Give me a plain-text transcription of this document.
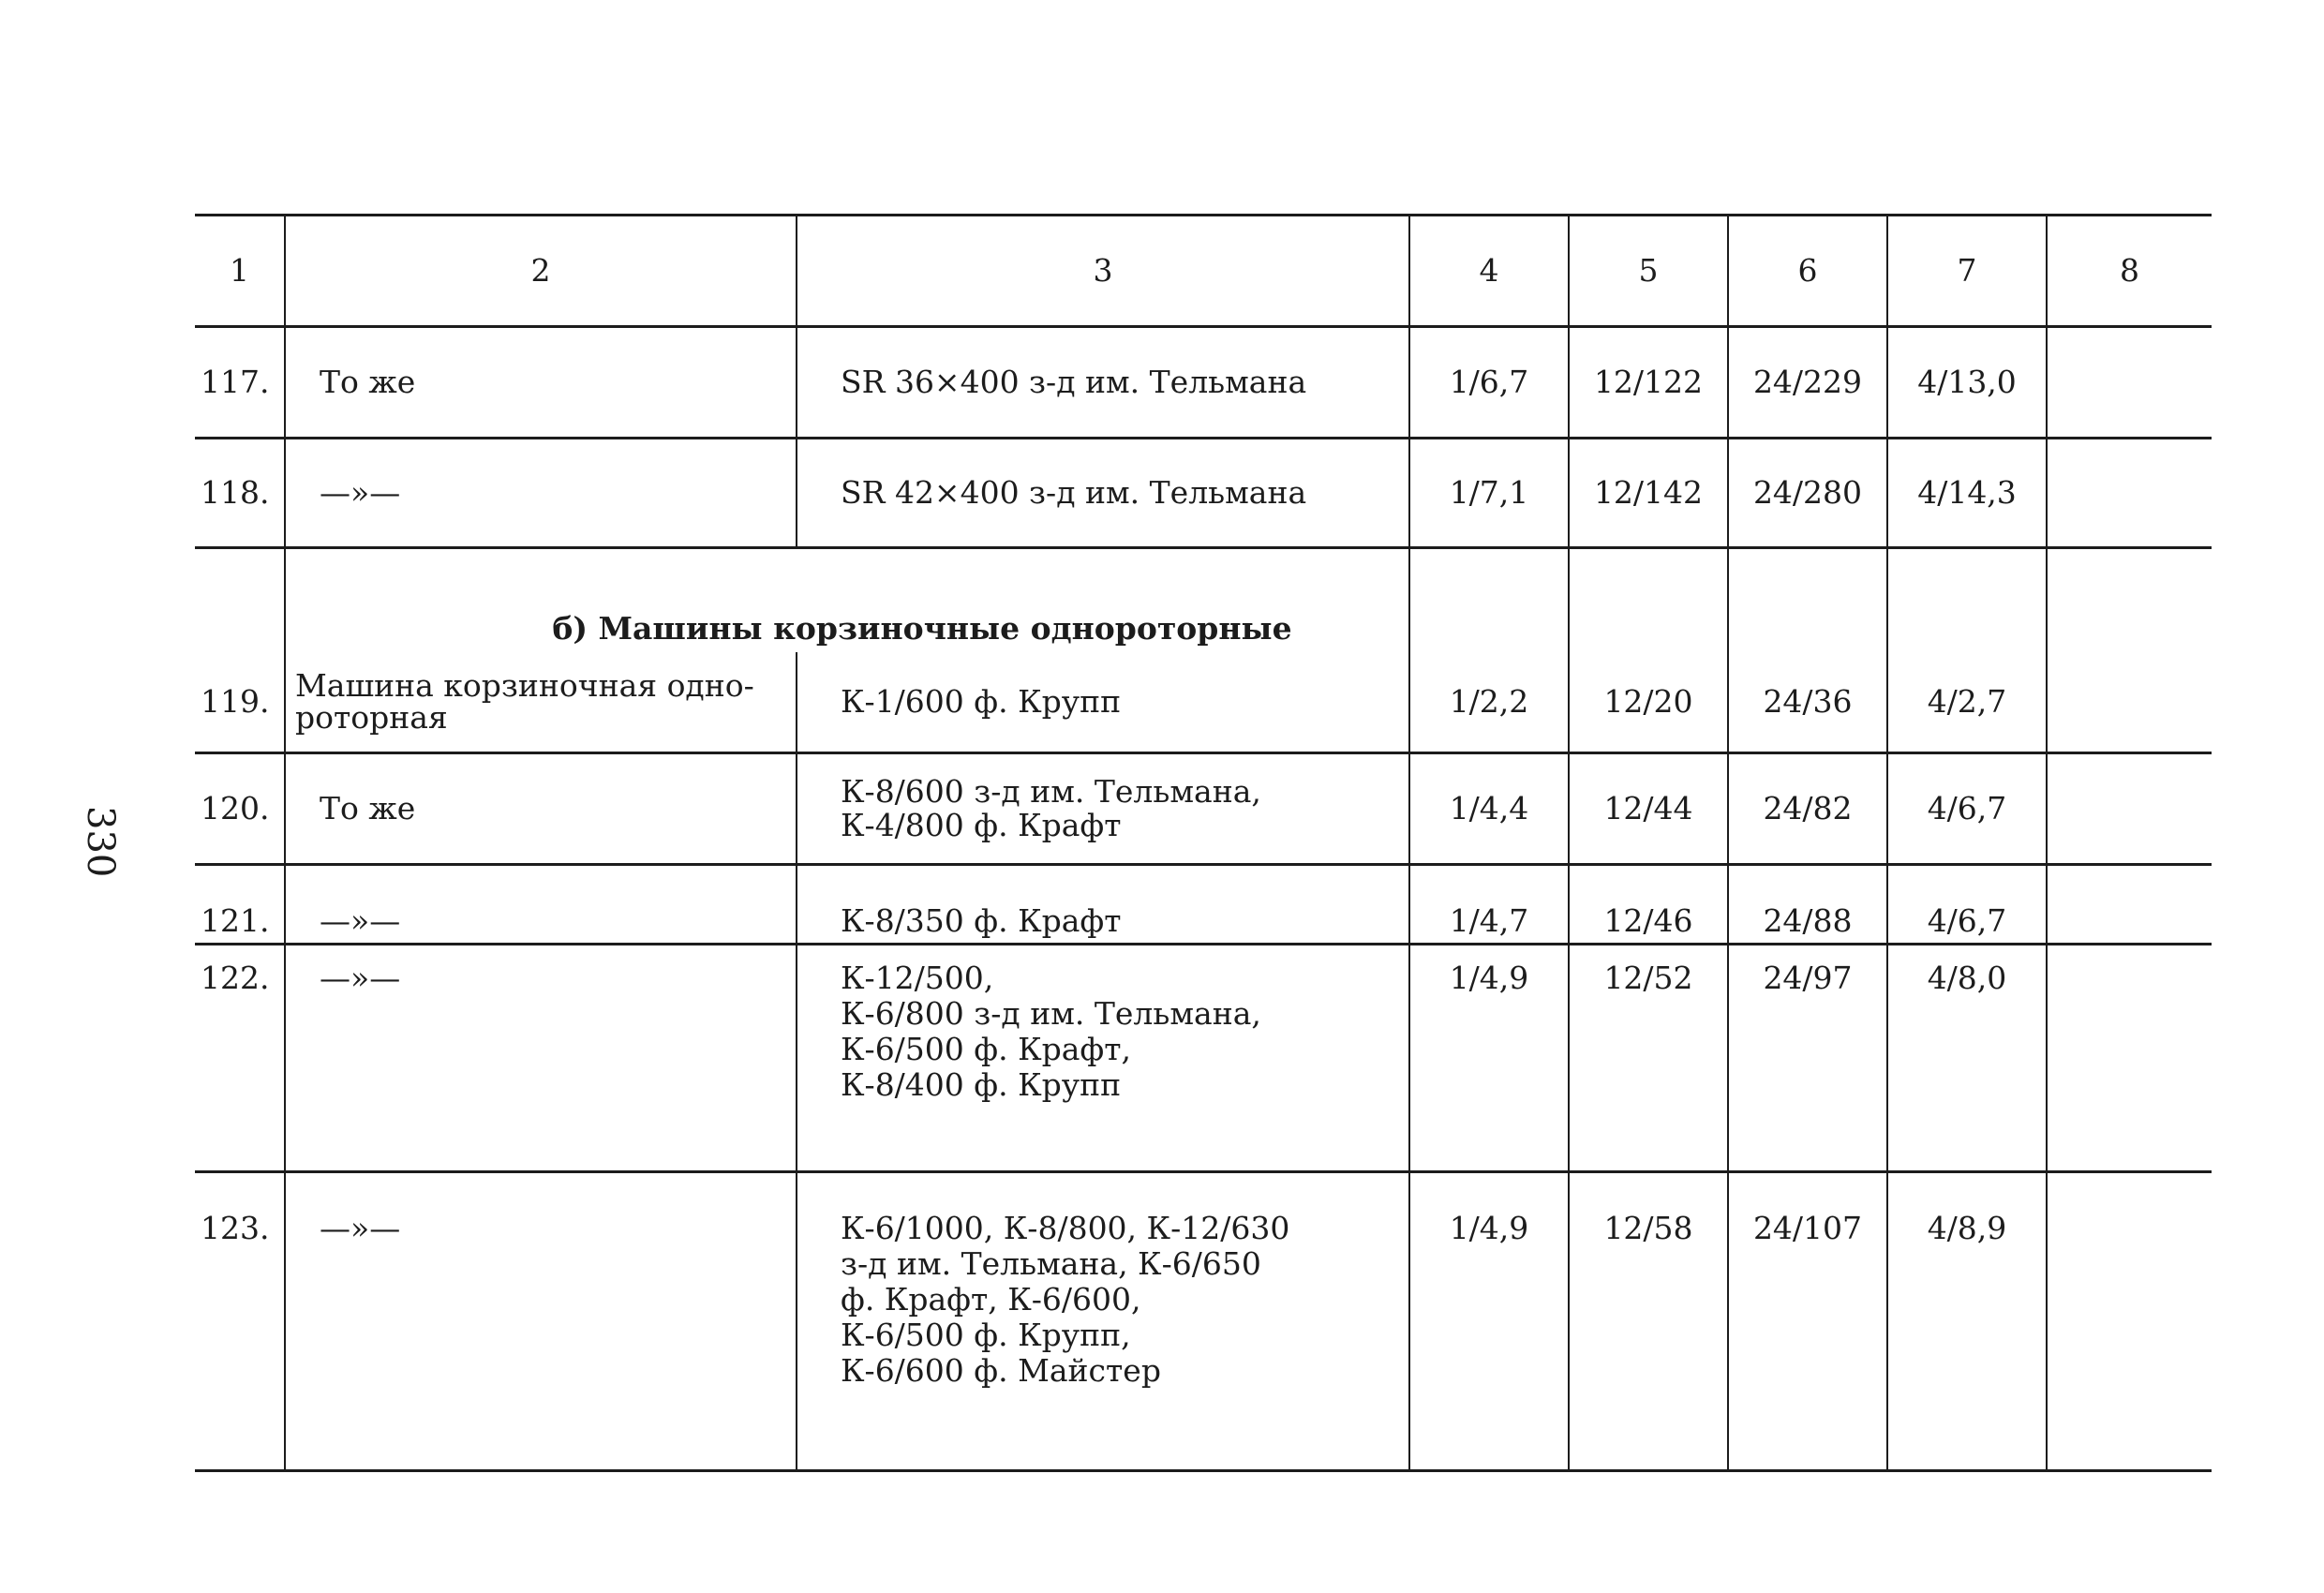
330
1	2	3	4	5	6	7	8
117.	То же	SR 36×400 з-д им. Тельмана	1/6,7	12/122	24/229	4/13,0	
118.	—»—	SR 42×400 з-д им. Тельмана	1/7,1	12/142	24/280	4/14,3	
	б) Машины корзиночные однороторные						
119.	Машина корзиночная одно-
роторная	К-1/600 ф. Крупп	1/2,2	12/20	24/36	4/2,7	
120.	То же	К-8/600 з-д им. Тельмана,
К-4/800 ф. Крафт	1/4,4	12/44	24/82	4/6,7	
121.	—»—	К-8/350 ф. Крафт	1/4,7	12/46	24/88	4/6,7	
122.	—»—	К-12/500,
К-6/800 з-д им. Тельмана,
К-6/500 ф. Крафт,
К-8/400 ф. Крупп	1/4,9	12/52	24/97	4/8,0	
123.	—»—	К-6/1000, К-8/800, К-12/630
з-д им. Тельмана, К-6/650
ф. Крафт, К-6/600,
К-6/500 ф. Крупп,
К-6/600 ф. Майстер	1/4,9	12/58	24/107	4/8,9	
